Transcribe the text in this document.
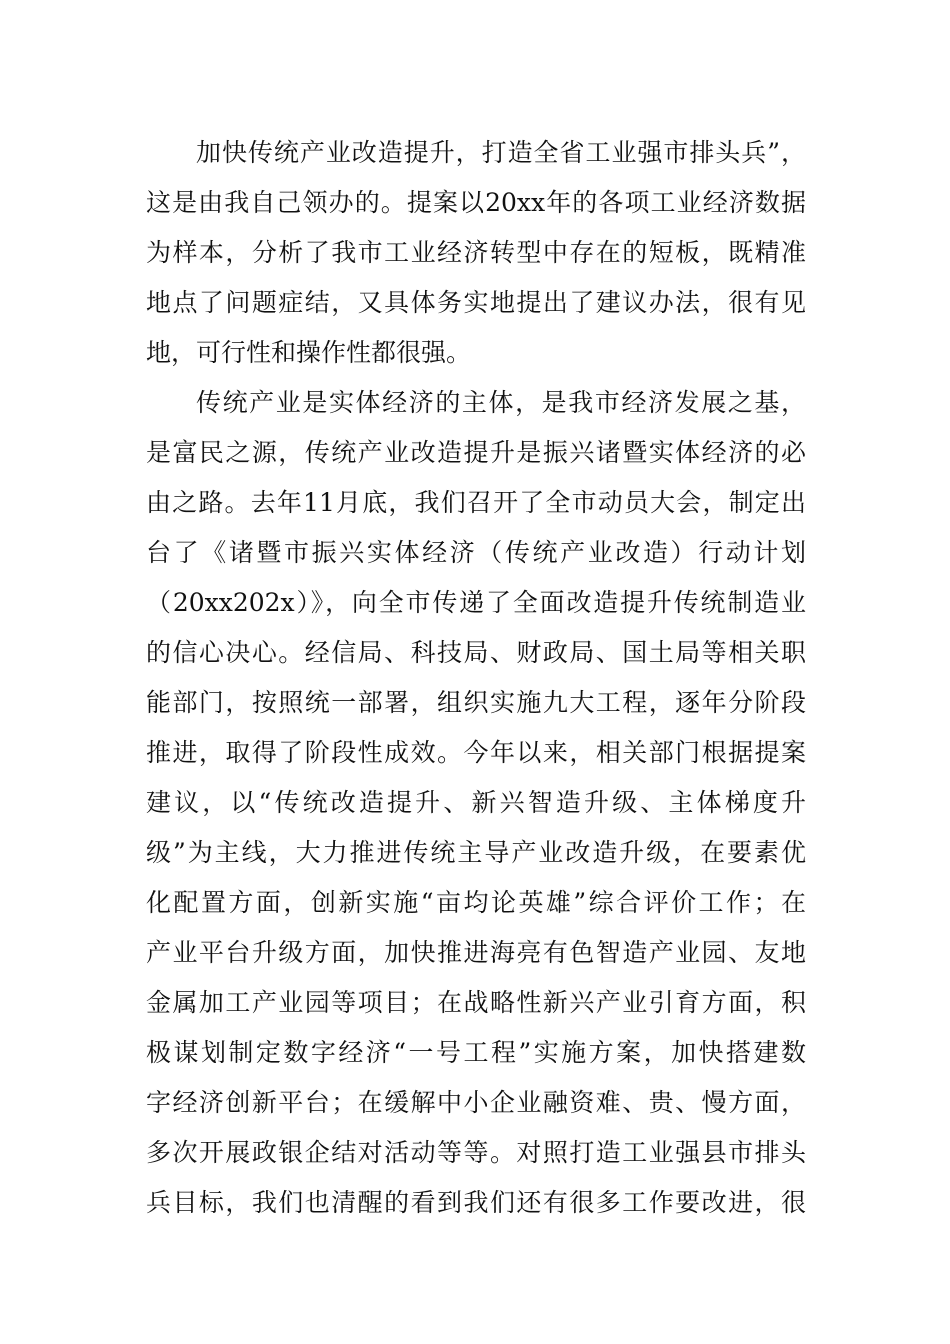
加快传统产业改造提升，打造全省工业强市排头兵”，
这是由我自己领办的。提案以20xx年的各项工业经济数据
为样本，分析了我市工业经济转型中存在的短板，既精准
地点了问题症结，又具体务实地提出了建议办法，很有见
地，可行性和操作性都很强。
传统产业是实体经济的主体，是我市经济发展之基，
是富民之源，传统产业改造提升是振兴诸暨实体经济的必
由之路。去年11月底，我们召开了全市动员大会，制定出
台了《诸暨市振兴实体经济（传统产业改造）行动计划
（20xx202x）》，向全市传递了全面改造提升传统制造业
的信心决心。经信局、科技局、财政局、国土局等相关职
能部门，按照统一部署，组织实施九大工程，逐年分阶段
推进，取得了阶段性成效。今年以来，相关部门根据提案
建议，以“传统改造提升、新兴智造升级、主体梯度升
级”为主线，大力推进传统主导产业改造升级，在要素优
化配置方面，创新实施“亩均论英雄”综合评价工作；在
产业平台升级方面，加快推进海亮有色智造产业园、友地
金属加工产业园等项目；在战略性新兴产业引育方面，积
极谋划制定数字经济“一号工程”实施方案，加快搭建数
字经济创新平台；在缓解中小企业融资难、贵、慢方面，
多次开展政银企结对活动等等。对照打造工业强县市排头
兵目标，我们也清醒的看到我们还有很多工作要改进，很
